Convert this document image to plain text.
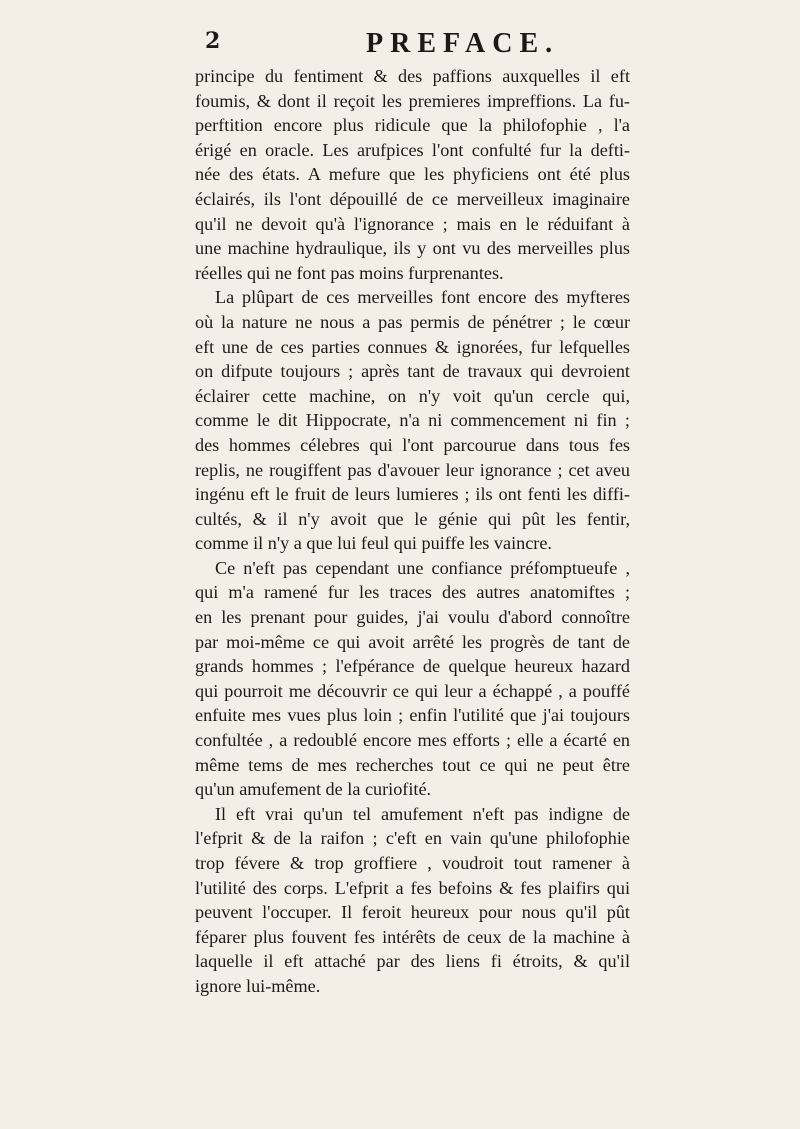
2	PREFACE.
principe du fentiment & des paffions auxquelles il eft
foumis, & dont il reçoit les premieres impreffions. La fu-
perftition encore plus ridicule que la philofophie , l'a
érigé en oracle. Les arufpices l'ont confulté fur la defti-
née des états. A mefure que les phyficiens ont été plus
éclairés, ils l'ont dépouillé de ce merveilleux imaginaire
qu'il ne devoit qu'à l'ignorance ; mais en le réduifant à
une machine hydraulique, ils y ont vu des merveilles plus
réelles qui ne font pas moins furprenantes.
La plûpart de ces merveilles font encore des myfteres
où la nature ne nous a pas permis de pénétrer ; le cœur
eft une de ces parties connues & ignorées, fur lefquelles
on difpute toujours ; après tant de travaux qui devroient
éclairer cette machine, on n'y voit qu'un cercle qui,
comme le dit Hippocrate, n'a ni commencement ni fin ;
des hommes célebres qui l'ont parcourue dans tous fes
replis, ne rougiffent pas d'avouer leur ignorance ; cet aveu
ingénu eft le fruit de leurs lumieres ; ils ont fenti les diffi-
cultés, & il n'y avoit que le génie qui pût les fentir,
comme il n'y a que lui feul qui puiffe les vaincre.
Ce n'eft pas cependant une confiance préfomptueufe ,
qui m'a ramené fur les traces des autres anatomiftes ;
en les prenant pour guides, j'ai voulu d'abord connoître
par moi-même ce qui avoit arrêté les progrès de tant de
grands hommes ; l'efpérance de quelque heureux hazard
qui pourroit me découvrir ce qui leur a échappé , a pouffé
enfuite mes vues plus loin ; enfin l'utilité que j'ai toujours
confultée , a redoublé encore mes efforts ; elle a écarté en
même tems de mes recherches tout ce qui ne peut être
qu'un amufement de la curiofité.
Il eft vrai qu'un tel amufement n'eft pas indigne de
l'efprit & de la raifon ; c'eft en vain qu'une philofophie
trop févere & trop groffiere , voudroit tout ramener à
l'utilité des corps. L'efprit a fes befoins & fes plaifirs qui
peuvent l'occuper. Il feroit heureux pour nous qu'il pût
féparer plus fouvent fes intérêts de ceux de la machine à
laquelle il eft attaché par des liens fi étroits, & qu'il
ignore lui-même.
